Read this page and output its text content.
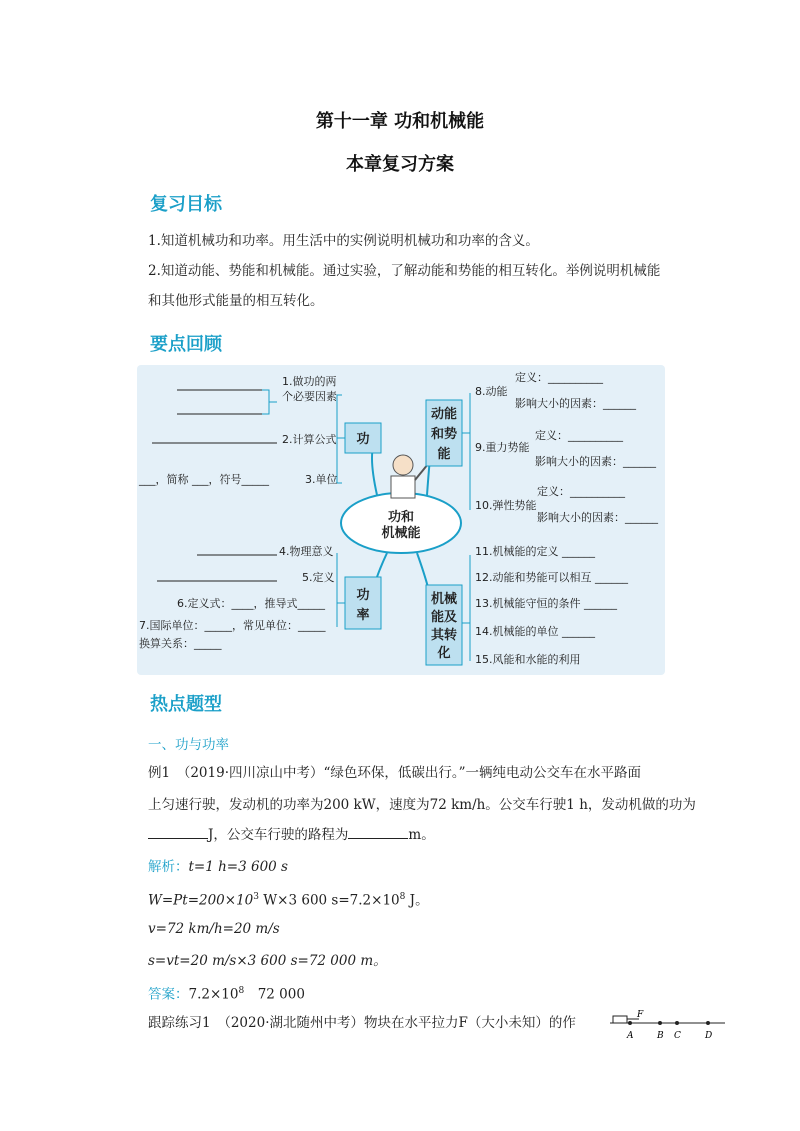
第十一章 功和机械能
本章复习方案
复习目标
1.知道机械功和功率。用生活中的实例说明机械功和功率的含义。
2.知道动能、势能和机械能。通过实验，了解动能和势能的相互转化。举例说明机械能
和其他形式能量的相互转化。
要点回顾
功和
机械能
功
功
率
动能
和势
能
机械
能及
其转
化
1.做功的两
个必要因素
2.计算公式
___，简称 ___，符号_____	3.单位
4.物理意义
5.定义
6.定义式：____，推导式_____
7.国际单位：_____，常见单位：_____
换算关系：_____
8.动能
定义：__________
影响大小的因素：______
9.重力势能
定义：__________
影响大小的因素：______
10.弹性势能
定义：__________
影响大小的因素：______
11.机械能的定义 ______
12.动能和势能可以相互 ______
13.机械能守恒的条件 ______
14.机械能的单位 ______
15.风能和水能的利用
热点题型
一、功与功率
例1　（2019·四川凉山中考）“绿色环保，低碳出行。”一辆纯电动公交车在水平路面
上匀速行驶，发动机的功率为200 kW，速度为72 km/h。公交车行驶1 h，发动机做的功为
J，公交车行驶的路程为	m。
解析：t=1 h=3 600 s
$W=Pt=200\times 10^3$ W×3 600 $s=7.2\times 10^8$ J。
v=72 km/h=20 m/s
s=vt=20 m/s×3 600 s=72 000 m。
答案：$7.2\times 10^8$　72 000
跟踪练习1　（2020·湖北随州中考）物块在水平拉力F（大小未知）的作	F
A	B C	D
